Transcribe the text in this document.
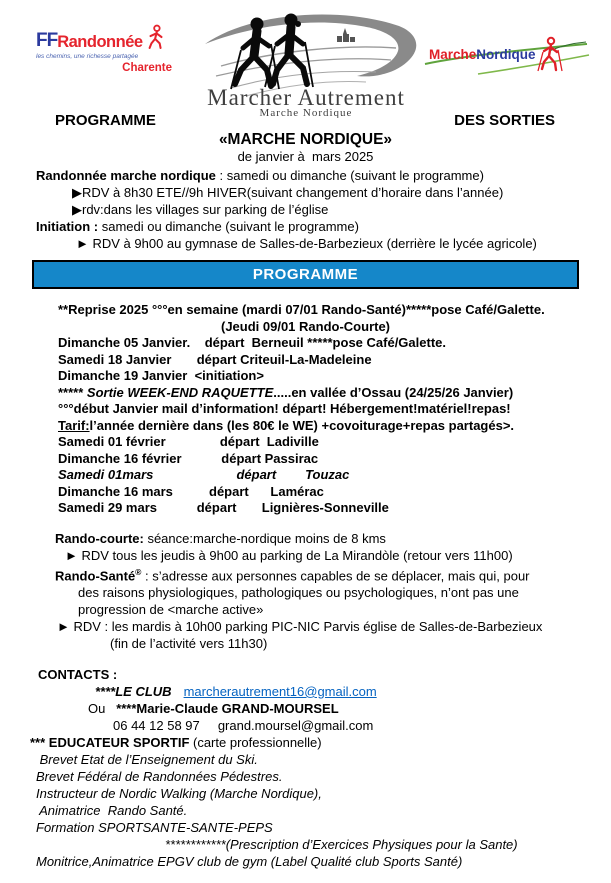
FF Randonnée
les chemins, une richesse partagée
Charente
Marcher Autrement
Marche Nordique
MarcheNordique
PROGRAMME	DES SORTIES
«MARCHE NORDIQUE»
de janvier à  mars 2025
Randonnée marche nordique : samedi ou dimanche (suivant le programme)
▶RDV à 8h30 ETE//9h HIVER(suivant changement d’horaire dans l’année)
▶rdv:dans les villages sur parking de l’église
Initiation : samedi ou dimanche (suivant le programme)
► RDV à 9h00 au gymnase de Salles-de-Barbezieux (derrière le lycée agricole)
PROGRAMME
**Reprise 2025 °°°en semaine (mardi 07/01 Rando-Santé)*****pose Café/Galette.
(Jeudi 09/01 Rando-Courte)
Dimanche 05 Janvier.    départ  Berneuil *****pose Café/Galette.
Samedi 18 Janvier       départ Criteuil-La-Madeleine
Dimanche 19 Janvier  <initiation>
***** Sortie WEEK-END RAQUETTE.....en vallée d’Ossau (24/25/26 Janvier)
°°°début Janvier mail d’information! départ! Hébergement!matériel!repas!
Tarif:l’année dernière dans (les 80€ le WE) +covoiturage+repas partagés>.
Samedi 01 février               départ  Ladiville
Dimanche 16 février           départ Passirac
Samedi 01mars                       départ        Touzac
Dimanche 16 mars          départ      Lamérac
Samedi 29 mars           départ       Lignières-Sonneville
Rando-courte: séance:marche-nordique moins de 8 kms
► RDV tous les jeudis à 9h00 au parking de La Mirandòle (retour vers 11h00)
Rando-Santé® : s’adresse aux personnes capables de se déplacer, mais qui, pour
des raisons physiologiques, pathologiques ou psychologiques, n’ont pas une
progression de <marche active»
► RDV : les mardis à 10h00 parking PIC-NIC Parvis église de Salles-de-Barbezieux
(fin de l’activité vers 11h30)
CONTACTS :
****LE CLUB marcherautrement16@gmail.com
Ou   ****Marie-Claude GRAND-MOURSEL
06 44 12 58 97     grand.moursel@gmail.com
*** EDUCATEUR SPORTIF (carte professionnelle)
Brevet Etat de l’Enseignement du Ski.
Brevet Fédéral de Randonnées Pédestres.
Instructeur de Nordic Walking (Marche Nordique),
Animatrice  Rando Santé.
Formation SPORTSANTE-SANTE-PEPS
************(Prescription d’Exercices Physiques pour la Sante)
Monitrice,Animatrice EPGV club de gym (Label Qualité club Sports Santé)
